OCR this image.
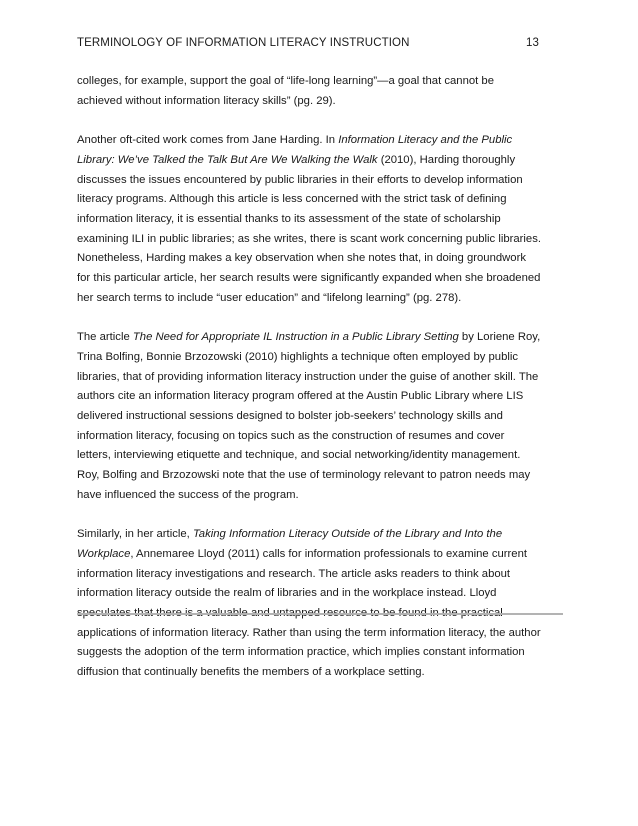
TERMINOLOGY OF INFORMATION LITERACY INSTRUCTION	13

colleges, for example, support the goal of “life-long learning”—a goal that cannot be achieved without information literacy skills” (pg. 29).

Another oft-cited work comes from Jane Harding. In Information Literacy and the Public Library: We’ve Talked the Talk But Are We Walking the Walk (2010), Harding thoroughly discusses the issues encountered by public libraries in their efforts to develop information literacy programs. Although this article is less concerned with the strict task of defining information literacy, it is essential thanks to its assessment of the state of scholarship examining ILI in public libraries; as she writes, there is scant work concerning public libraries. Nonetheless, Harding makes a key observation when she notes that, in doing groundwork for this particular article, her search results were significantly expanded when she broadened her search terms to include “user education” and “lifelong learning” (pg. 278).

The article The Need for Appropriate IL Instruction in a Public Library Setting by Loriene Roy, Trina Bolfing, Bonnie Brzozowski (2010) highlights a technique often employed by public libraries, that of providing information literacy instruction under the guise of another skill. The authors cite an information literacy program offered at the Austin Public Library where LIS delivered instructional sessions designed to bolster job-seekers’ technology skills and information literacy, focusing on topics such as the construction of resumes and cover letters, interviewing etiquette and technique, and social networking/identity management. Roy, Bolfing and Brzozowski note that the use of terminology relevant to patron needs may have influenced the success of the program.

Similarly, in her article, Taking Information Literacy Outside of the Library and Into the Workplace, Annemaree Lloyd (2011) calls for information professionals to examine current information literacy investigations and research. The article asks readers to think about information literacy outside the realm of libraries and in the workplace instead. Lloyd speculates that there is a valuable and untapped resource to be found in the practical applications of information literacy. Rather than using the term information literacy, the author suggests the adoption of the term information practice, which implies constant information diffusion that continually benefits the members of a workplace setting.
